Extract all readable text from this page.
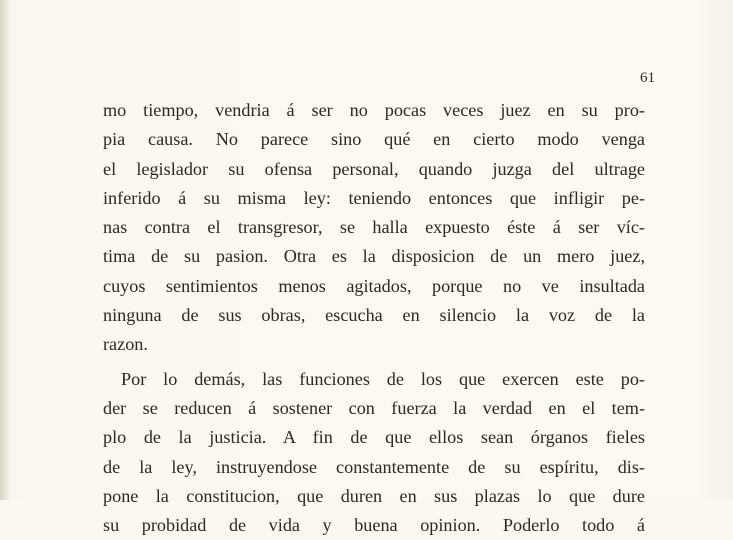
61
mo tiempo, vendria á ser no pocas veces juez en su pro-
pia causa. No parece sino qué en cierto modo venga
el legislador su ofensa personal, quando juzga del ultrage
inferido á su misma ley: teniendo entonces que infligir pe-
nas contra el transgresor, se halla expuesto éste á ser víc-
tima de su pasion. Otra es la disposicion de un mero juez,
cuyos sentimientos menos agitados, porque no ve insultada
ninguna de sus obras, escucha en silencio la voz de la
razon.
Por lo demás, las funciones de los que exercen este po-
der se reducen á sostener con fuerza la verdad en el tem-
plo de la justicia. A fin de que ellos sean órganos fieles
de la ley, instruyendose constantemente de su espíritu, dis-
pone la constitucion, que duren en sus plazas lo que dure
su probidad de vida y buena opinion. Poderlo todo á
